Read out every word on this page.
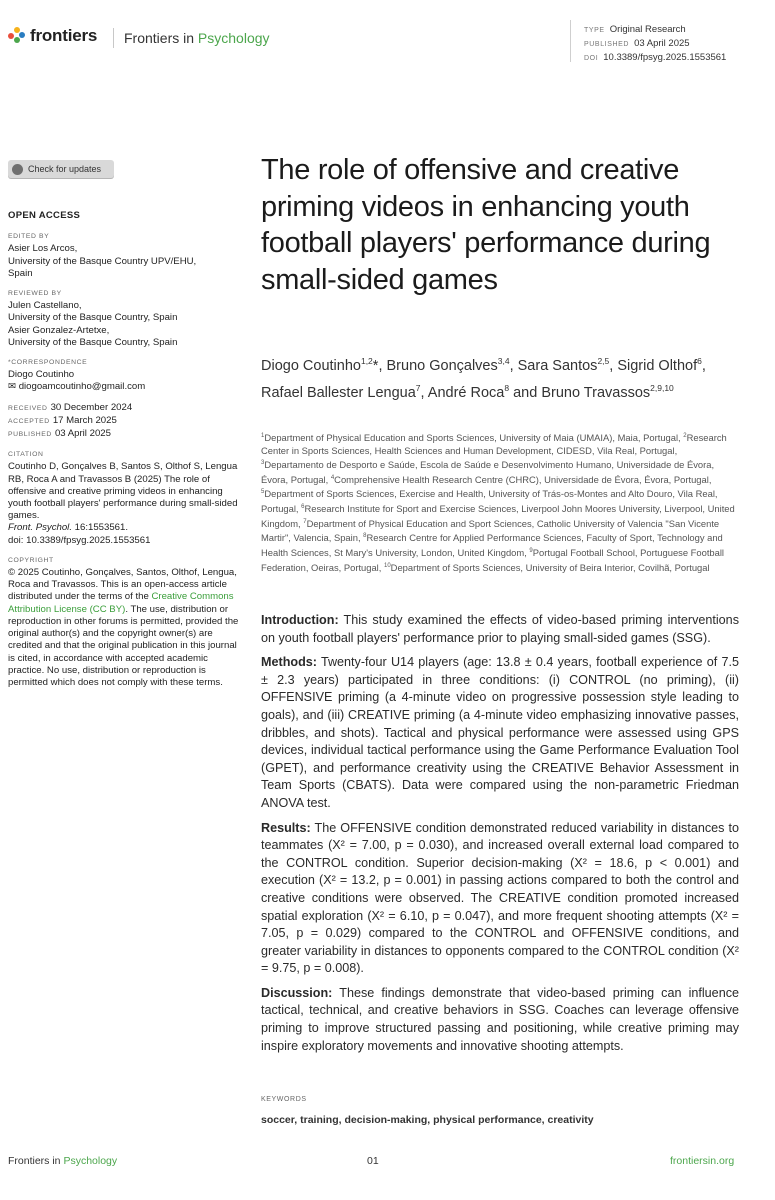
frontiers Frontiers in Psychology	TYPE Original Research
PUBLISHED 03 April 2025
DOI 10.3389/fpsyg.2025.1553561
Check for updates
OPEN ACCESS
EDITED BY
Asier Los Arcos,
University of the Basque Country UPV/EHU,
Spain
REVIEWED BY
Julen Castellano,
University of the Basque Country, Spain
Asier Gonzalez-Artetxe,
University of the Basque Country, Spain
*CORRESPONDENCE
Diogo Coutinho
✉ diogoamcoutinho@gmail.com
RECEIVED 30 December 2024
ACCEPTED 17 March 2025
PUBLISHED 03 April 2025
CITATION
Coutinho D, Gonçalves B, Santos S, Olthof S, Lengua RB, Roca A and Travassos B (2025) The role of offensive and creative priming videos in enhancing youth football players' performance during small-sided games.
Front. Psychol. 16:1553561.
doi: 10.3389/fpsyg.2025.1553561
COPYRIGHT
© 2025 Coutinho, Gonçalves, Santos, Olthof, Lengua, Roca and Travassos. This is an open-access article distributed under the terms of the Creative Commons Attribution License (CC BY). The use, distribution or reproduction in other forums is permitted, provided the original author(s) and the copyright owner(s) are credited and that the original publication in this journal is cited, in accordance with accepted academic practice. No use, distribution or reproduction is permitted which does not comply with these terms.
The role of offensive and creative priming videos in enhancing youth football players' performance during small-sided games
Diogo Coutinho$^{1,2}$*, Bruno Gonçalves$^{3,4}$, Sara Santos$^{2,5}$, Sigrid Olthof$^6$, Rafael Ballester Lengua$^7$, André Roca$^8$ and Bruno Travassos$^{2,9,10}$
$^1$Department of Physical Education and Sports Sciences, University of Maia (UMAIA), Maia, Portugal, $^2$Research Center in Sports Sciences, Health Sciences and Human Development, CIDESD, Vila Real, Portugal, $^3$Departamento de Desporto e Saúde, Escola de Saúde e Desenvolvimento Humano, Universidade de Évora, Évora, Portugal, $^4$Comprehensive Health Research Centre (CHRC), Universidade de Évora, Évora, Portugal, $^5$Department of Sports Sciences, Exercise and Health, University of Trás-os-Montes and Alto Douro, Vila Real, Portugal, $^6$Research Institute for Sport and Exercise Sciences, Liverpool John Moores University, Liverpool, United Kingdom, $^7$Department of Physical Education and Sport Sciences, Catholic University of Valencia "San Vicente Martir", Valencia, Spain, $^8$Research Centre for Applied Performance Sciences, Faculty of Sport, Technology and Health Sciences, St Mary's University, London, United Kingdom, $^9$Portugal Football School, Portuguese Football Federation, Oeiras, Portugal, $^{10}$Department of Sports Sciences, University of Beira Interior, Covilhã, Portugal

Introduction: This study examined the effects of video-based priming interventions on youth football players' performance prior to playing small-sided games (SSG).

Methods: Twenty-four U14 players (age: 13.8 ± 0.4 years, football experience of 7.5 ± 2.3 years) participated in three conditions: (i) CONTROL (no priming), (ii) OFFENSIVE priming (a 4-minute video on progressive possession style leading to goals), and (iii) CREATIVE priming (a 4-minute video emphasizing innovative passes, dribbles, and shots). Tactical and physical performance were assessed using GPS devices, individual tactical performance using the Game Performance Evaluation Tool (GPET), and performance creativity using the CREATIVE Behavior Assessment in Team Sports (CBATS). Data were compared using the non-parametric Friedman ANOVA test.

Results: The OFFENSIVE condition demonstrated reduced variability in distances to teammates (X² = 7.00, p = 0.030), and increased overall external load compared to the CONTROL condition. Superior decision-making (X² = 18.6, p < 0.001) and execution (X² = 13.2, p = 0.001) in passing actions compared to both the control and creative conditions were observed. The CREATIVE condition promoted increased spatial exploration (X² = 6.10, p = 0.047), and more frequent shooting attempts (X² = 7.05, p = 0.029) compared to the CONTROL and OFFENSIVE conditions, and greater variability in distances to opponents compared to the CONTROL condition (X² = 9.75, p = 0.008).

Discussion: These findings demonstrate that video-based priming can influence tactical, technical, and creative behaviors in SSG. Coaches can leverage offensive priming to improve structured passing and positioning, while creative priming may inspire exploratory movements and innovative shooting attempts.

KEYWORDS
soccer, training, decision-making, physical performance, creativity
Frontiers in Psychology	01	frontiersin.org
